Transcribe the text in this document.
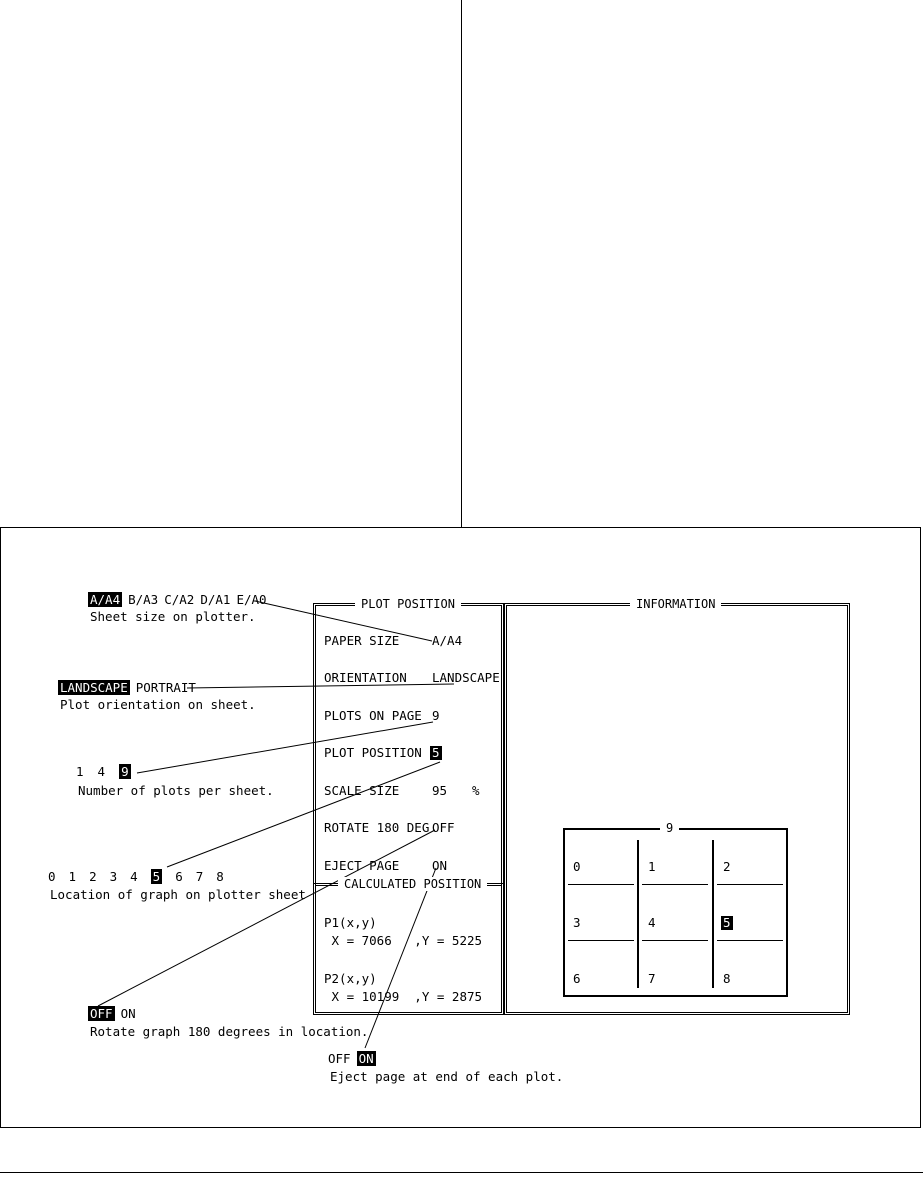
A/A4 B/A3 C/A2 D/A1 E/A0
Sheet size on plotter.
LANDSCAPE PORTRAIT
Plot orientation on sheet.
1 4 9
Number of plots per sheet.
0 1 2 3 4 5 6 7 8
Location of graph on plotter sheet
OFF ON
Rotate graph 180 degrees in location.
OFF ON
Eject page at end of each plot.
PLOT POSITION
PAPER SIZE	A/A4
ORIENTATION LANDSCAPE
PLOTS ON PAGE 9
PLOT POSITION 5
SCALE SIZE	95 %
ROTATE 180 DEG OFF
EJECT PAGE	ON
CALCULATED POSITION
P1(x,y)
X = 7066   ,Y = 5225
P2(x,y)
X = 10199  ,Y = 2875
INFORMATION
9
0	1	2
3	4	5
6	7	8
